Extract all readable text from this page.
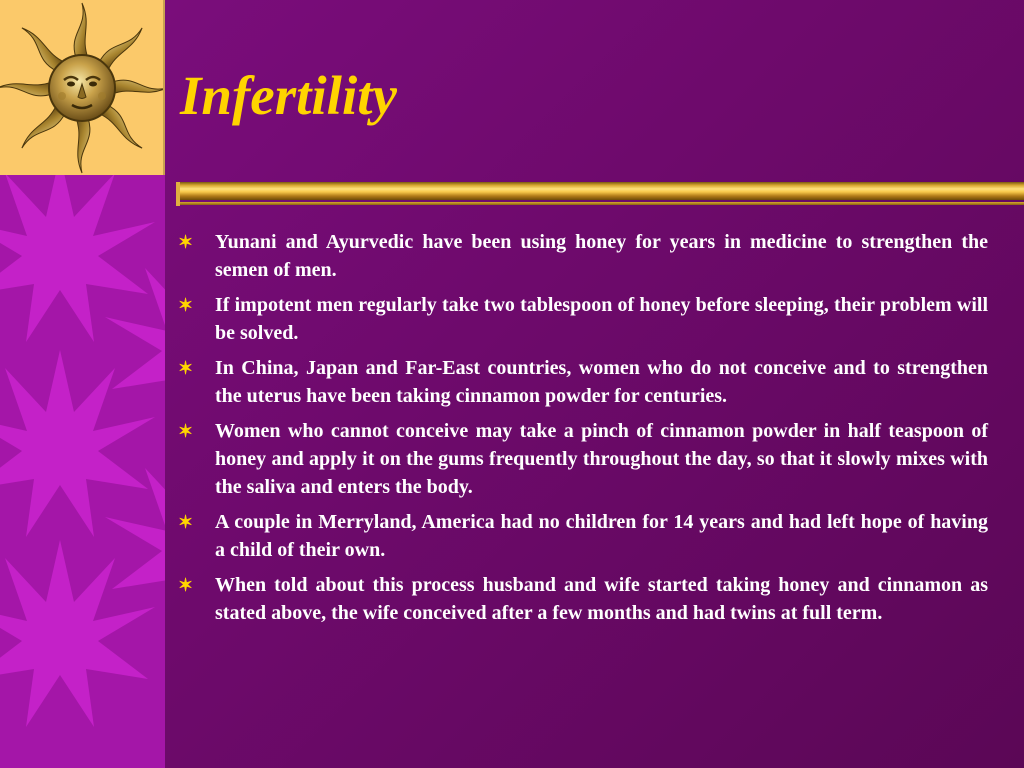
Infertility
✶ Yunani and Ayurvedic have been using honey for years in medicine to strengthen the semen of men.
✶ If impotent men regularly take two tablespoon of honey before sleeping, their problem will be solved.
✶ In China, Japan and Far-East countries, women who do not conceive and to strengthen the uterus have been taking cinnamon powder for centuries.
✶ Women who cannot conceive may take a pinch of cinnamon powder in half teaspoon of honey and apply it on the gums frequently throughout the day, so that it slowly mixes with the saliva and enters the body.
✶ A couple in Merryland, America had no children for 14 years and had left hope of having a child of their own.
✶ When told about this process husband and wife started taking honey and cinnamon as stated above, the wife conceived after a few months and had twins at full term.
